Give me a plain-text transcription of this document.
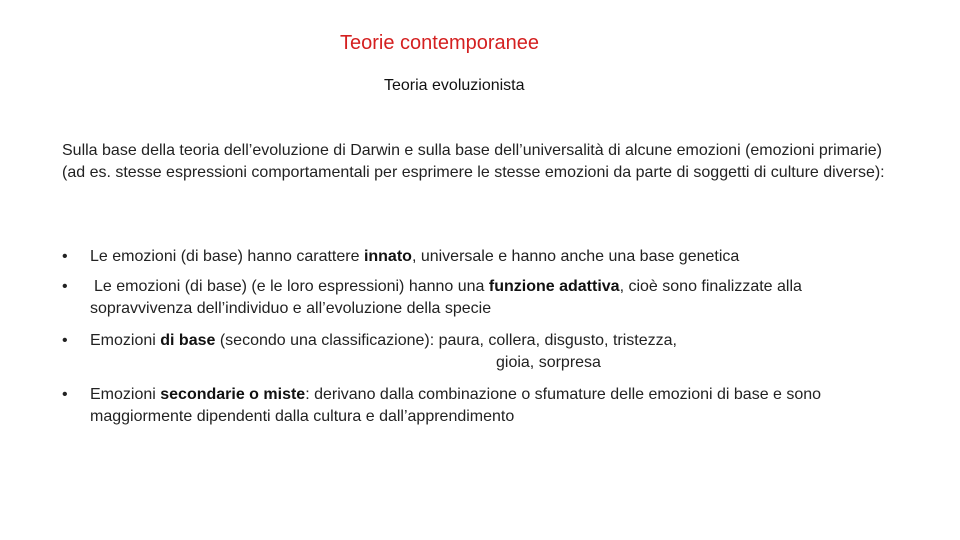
Teorie contemporanee
Teoria evoluzionista
Sulla base della teoria dell’evoluzione di Darwin e sulla base dell’universalità di alcune emozioni (emozioni primarie) (ad es. stesse espressioni comportamentali per esprimere le stesse emozioni da parte di soggetti di culture diverse):
•	Le emozioni (di base) hanno carattere innato, universale e hanno anche una base genetica
•	Le emozioni (di base) (e le loro espressioni) hanno una funzione adattiva, cioè sono finalizzate alla sopravvivenza dell’individuo e all’evoluzione della specie
•	Emozioni di base (secondo una classificazione): paura, collera, disgusto, tristezza,
gioia, sorpresa
•	Emozioni secondarie o miste: derivano dalla combinazione o sfumature delle emozioni di base e sono maggiormente dipendenti dalla cultura e dall’apprendimento
